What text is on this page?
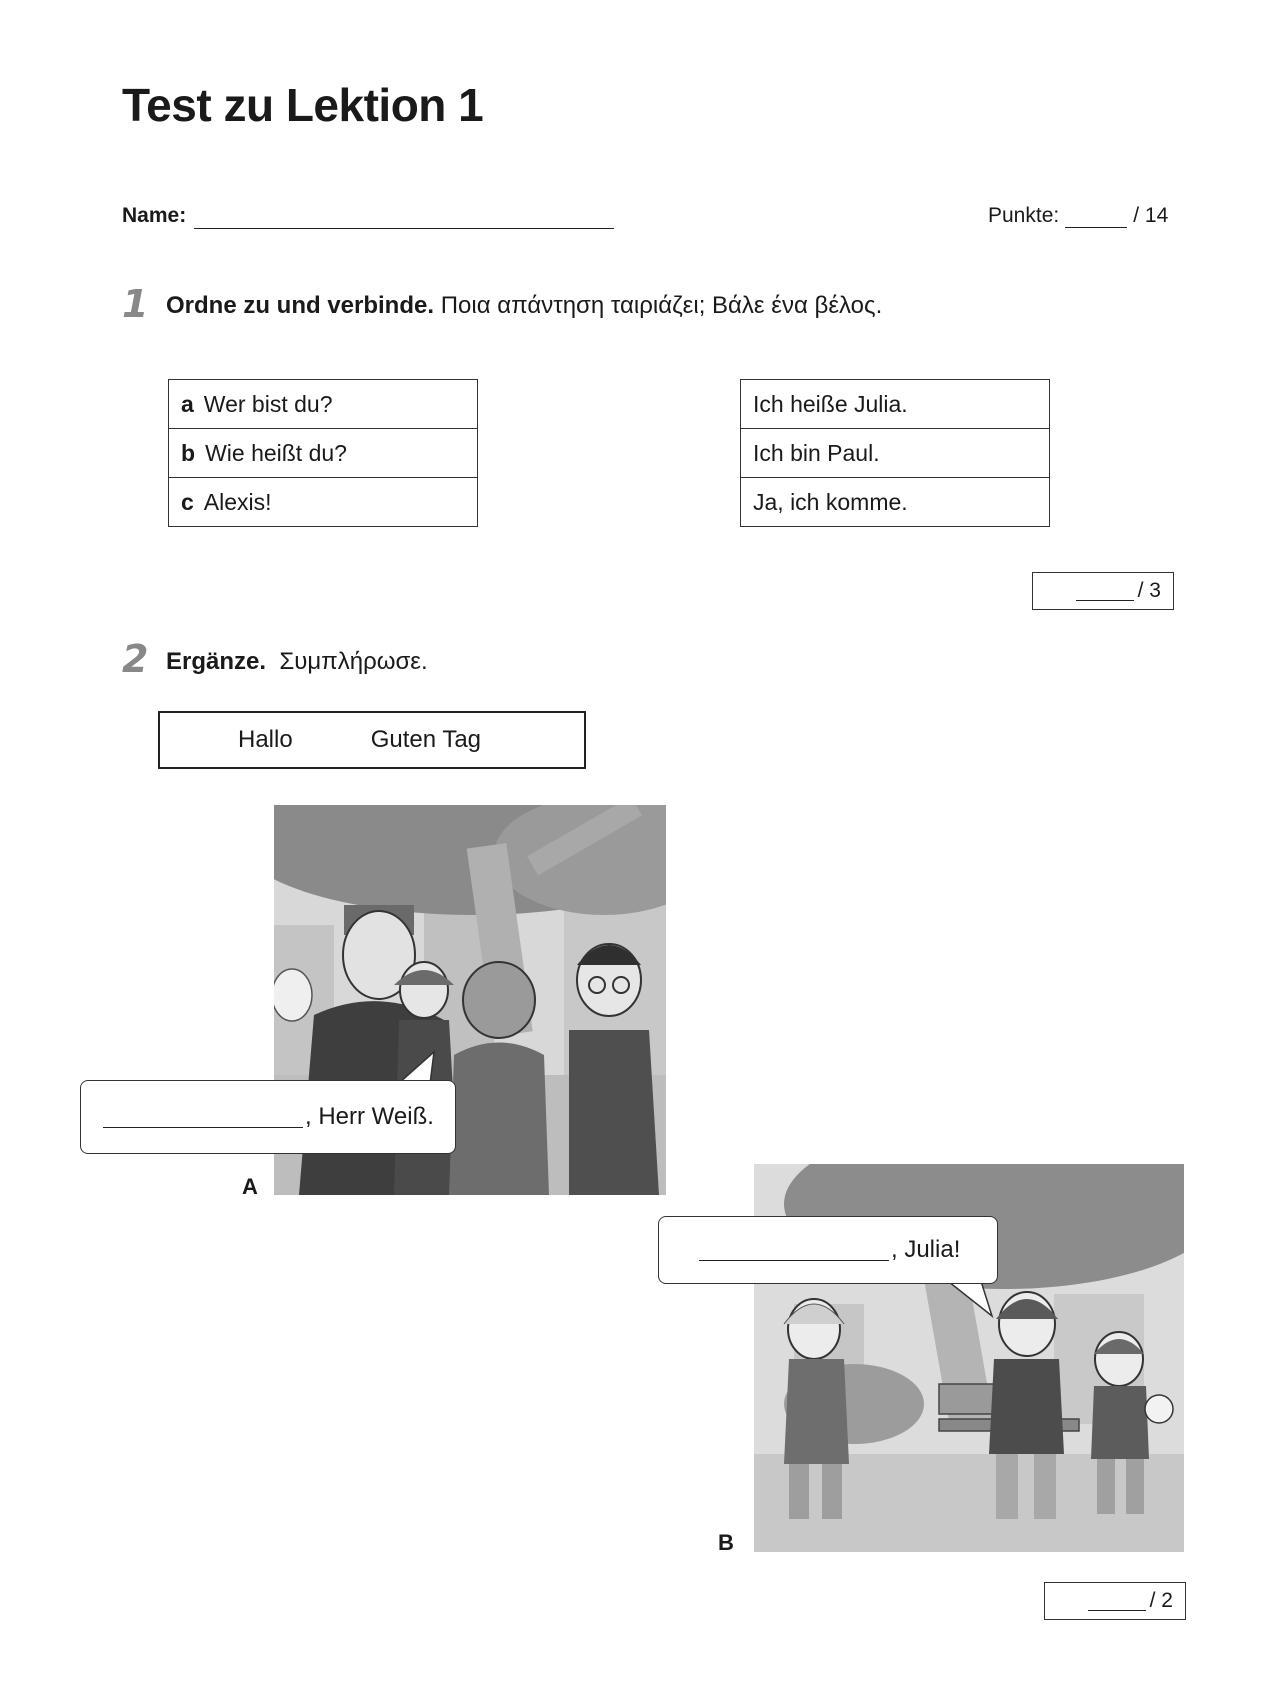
Test zu Lektion 1
Name:	Punkte:	/ 14
1 Ordne zu und verbinde. Ποια απάντηση ταιριάζει; Βάλε ένα βέλος.
a Wer bist du?
b Wie heißt du?
c Alexis!
Ich heiße Julia.
Ich bin Paul.
Ja, ich komme.
/ 3
2 Ergänze. Συμπλήρωσε.
Hallo	Guten Tag
A
, Herr Weiß.
B
, Julia!
/ 2
